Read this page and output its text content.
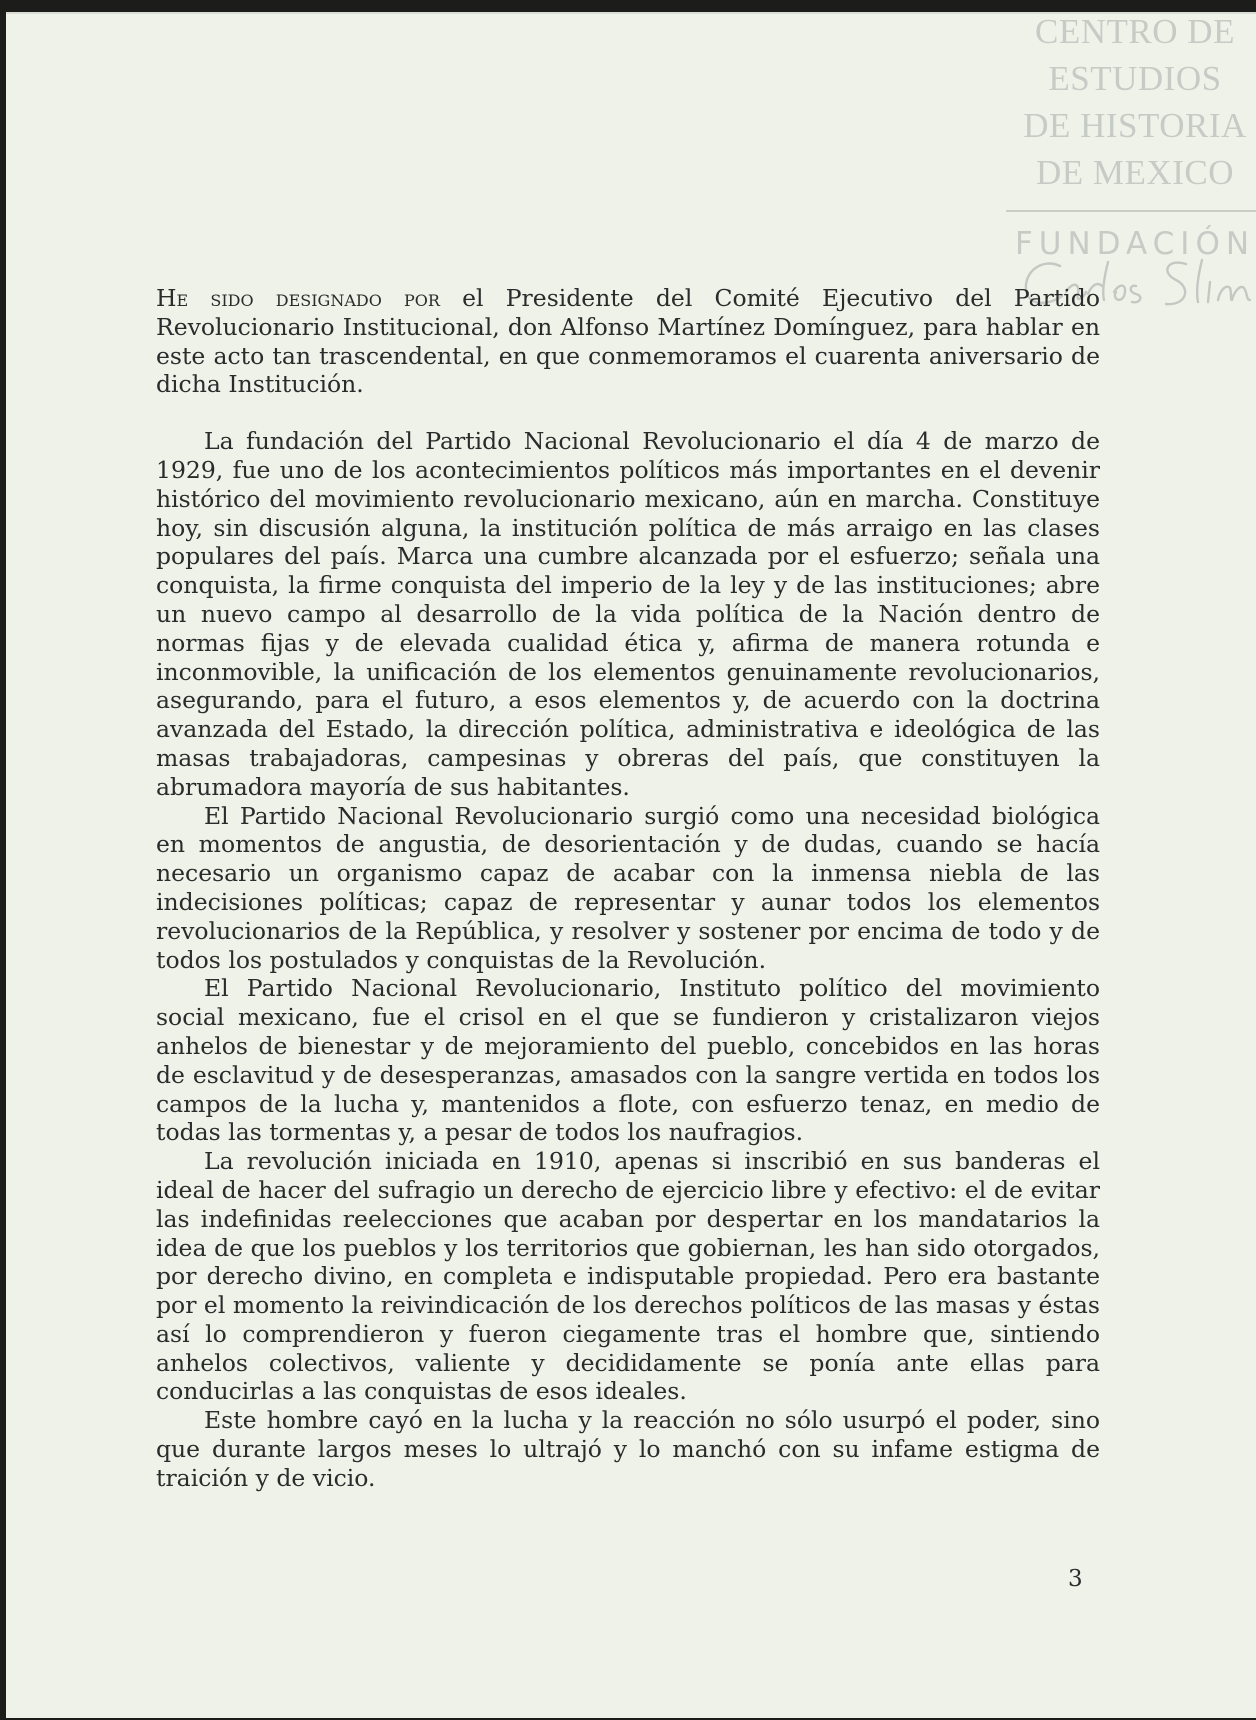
CENTRO DE
ESTUDIOS
DE HISTORIA
DE MEXICO
FUNDACIÓN

He sido designado por el Presidente del Comité Ejecutivo del Partido Revolucionario Institucional, don Alfonso Martínez Domínguez, para hablar en este acto tan trascendental, en que conmemoramos el cuarenta aniversario de dicha Institución.

La fundación del Partido Nacional Revolucionario el día 4 de marzo de 1929, fue uno de los acontecimientos políticos más importantes en el devenir histórico del movimiento revolucionario mexicano, aún en marcha. Constituye hoy, sin discusión alguna, la institución política de más arraigo en las clases populares del país. Marca una cumbre alcanzada por el esfuerzo; señala una conquista, la firme conquista del imperio de la ley y de las instituciones; abre un nuevo campo al desarrollo de la vida política de la Nación dentro de normas fijas y de elevada cualidad ética y, afirma de manera rotunda e inconmovible, la unificación de los elementos genuinamente revolucionarios, asegurando, para el futuro, a esos elementos y, de acuerdo con la doctrina avanzada del Estado, la dirección política, administrativa e ideológica de las masas trabajadoras, campesinas y obreras del país, que constituyen la abrumadora mayoría de sus habitantes.

El Partido Nacional Revolucionario surgió como una necesidad biológica en momentos de angustia, de desorientación y de dudas, cuando se hacía necesario un organismo capaz de acabar con la inmensa niebla de las indecisiones políticas; capaz de representar y aunar todos los elementos revolucionarios de la República, y resolver y sostener por encima de todo y de todos los postulados y conquistas de la Revolución.

El Partido Nacional Revolucionario, Instituto político del movimiento social mexicano, fue el crisol en el que se fundieron y cristalizaron viejos anhelos de bienestar y de mejoramiento del pueblo, concebidos en las horas de esclavitud y de desesperanzas, amasados con la sangre vertida en todos los campos de la lucha y, mantenidos a flote, con esfuerzo tenaz, en medio de todas las tormentas y, a pesar de todos los naufragios.

La revolución iniciada en 1910, apenas si inscribió en sus banderas el ideal de hacer del sufragio un derecho de ejercicio libre y efectivo: el de evitar las indefinidas reelecciones que acaban por despertar en los mandatarios la idea de que los pueblos y los territorios que gobiernan, les han sido otorgados, por derecho divino, en completa e indisputable propiedad. Pero era bastante por el momento la reivindicación de los derechos políticos de las masas y éstas así lo comprendieron y fueron ciegamente tras el hombre que, sintiendo anhelos colectivos, valiente y decididamente se ponía ante ellas para conducirlas a las conquistas de esos ideales.

Este hombre cayó en la lucha y la reacción no sólo usurpó el poder, sino que durante largos meses lo ultrajó y lo manchó con su infame estigma de traición y de vicio.

3
